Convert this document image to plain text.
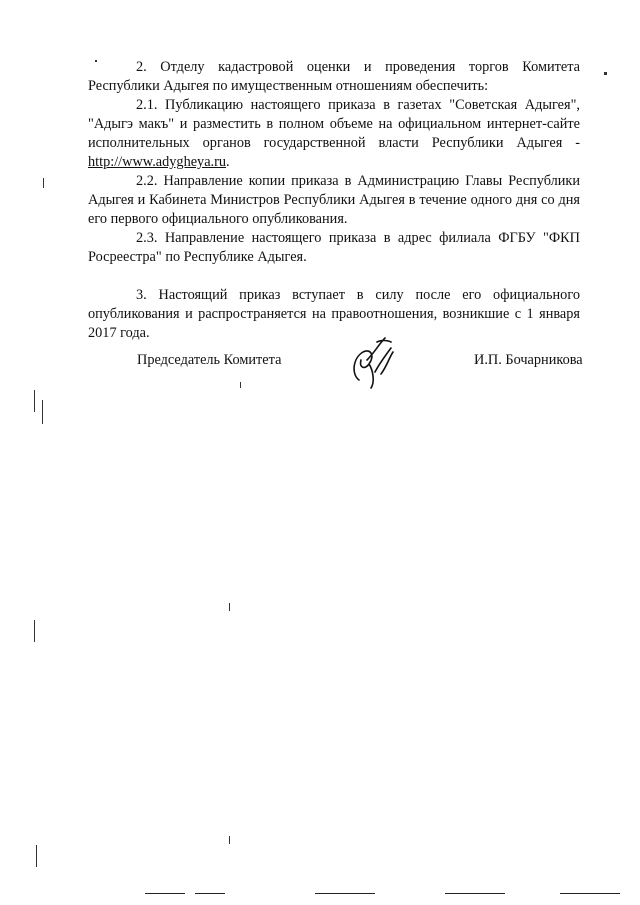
2. Отделу кадастровой оценки и проведения торгов Комитета Республики Адыгея по имущественным отношениям обеспечить:

2.1. Публикацию настоящего приказа в газетах "Советская Адыгея", "Адыгэ макъ" и разместить в полном объеме на официальном интернет-сайте исполнительных органов государственной власти Республики Адыгея - http://www.adygheya.ru.

2.2. Направление копии приказа в Администрацию Главы Республики Адыгея и Кабинета Министров Республики Адыгея в течение одного дня со дня его первого официального опубликования.

2.3. Направление настоящего приказа в адрес филиала ФГБУ "ФКП Росреестра" по Республике Адыгея.

3. Настоящий приказ вступает в силу после его официального опубликования и распространяется на правоотношения, возникшие с 1 января 2017 года.

Председатель Комитета	И.П. Бочарникова
